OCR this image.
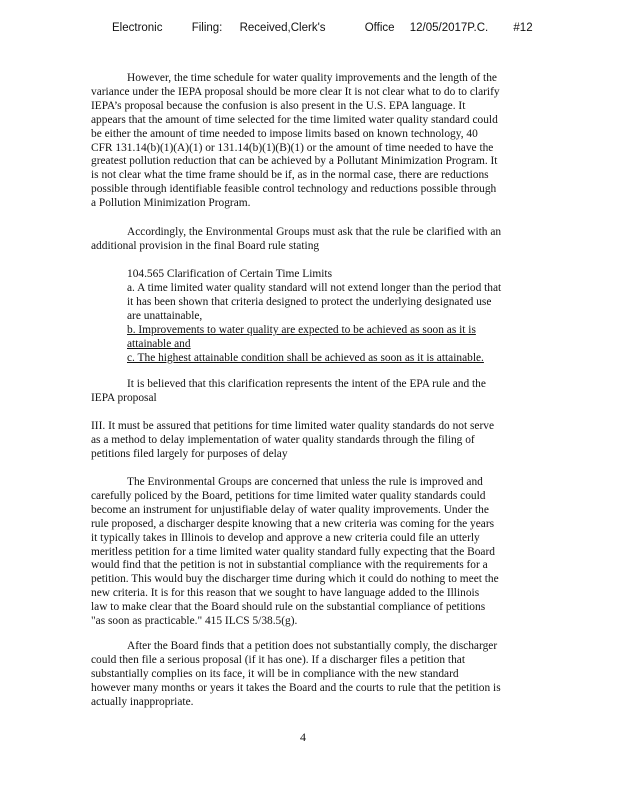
Electronic	Filing: Received,Clerk's	Office 12/05/2017P.C. #12

However, the time schedule for water quality improvements and the length of the
variance under the IEPA proposal should be more clear It is not clear what to do to clarify
IEPA’s proposal because the confusion is also present in the U.S. EPA language. It
appears that the amount of time selected for the time limited water quality standard could
be either the amount of time needed to impose limits based on known technology, 40
CFR 131.14(b)(1)(A)(1) or 131.14(b)(1)(B)(1) or the amount of time needed to have the
greatest pollution reduction that can be achieved by a Pollutant Minimization Program. It
is not clear what the time frame should be if, as in the normal case, there are reductions
possible through identifiable feasible control technology and reductions possible through
a Pollution Minimization Program.

Accordingly, the Environmental Groups must ask that the rule be clarified with an
additional provision in the final Board rule stating

104.565 Clarification of Certain Time Limits
a. A time limited water quality standard will not extend longer than the period that
it has been shown that criteria designed to protect the underlying designated use
are unattainable,

b. Improvements to water quality are expected to be achieved as soon as it is
attainable and

c. The highest attainable condition shall be achieved as soon as it is attainable.

It is believed that this clarification represents the intent of the EPA rule and the
IEPA proposal

III. It must be assured that petitions for time limited water quality standards do not serve
as a method to delay implementation of water quality standards through the filing of
petitions filed largely for purposes of delay

The Environmental Groups are concerned that unless the rule is improved and
carefully policed by the Board, petitions for time limited water quality standards could
become an instrument for unjustifiable delay of water quality improvements. Under the
rule proposed, a discharger despite knowing that a new criteria was coming for the years
it typically takes in Illinois to develop and approve a new criteria could file an utterly
meritless petition for a time limited water quality standard fully expecting that the Board
would find that the petition is not in substantial compliance with the requirements for a
petition. This would buy the discharger time during which it could do nothing to meet the
new criteria. It is for this reason that we sought to have language added to the Illinois
law to make clear that the Board should rule on the substantial compliance of petitions
"as soon as practicable." 415 ILCS 5/38.5(g).

After the Board finds that a petition does not substantially comply, the discharger
could then file a serious proposal (if it has one). If a discharger files a petition that
substantially complies on its face, it will be in compliance with the new standard
however many months or years it takes the Board and the courts to rule that the petition is
actually inappropriate.

4
